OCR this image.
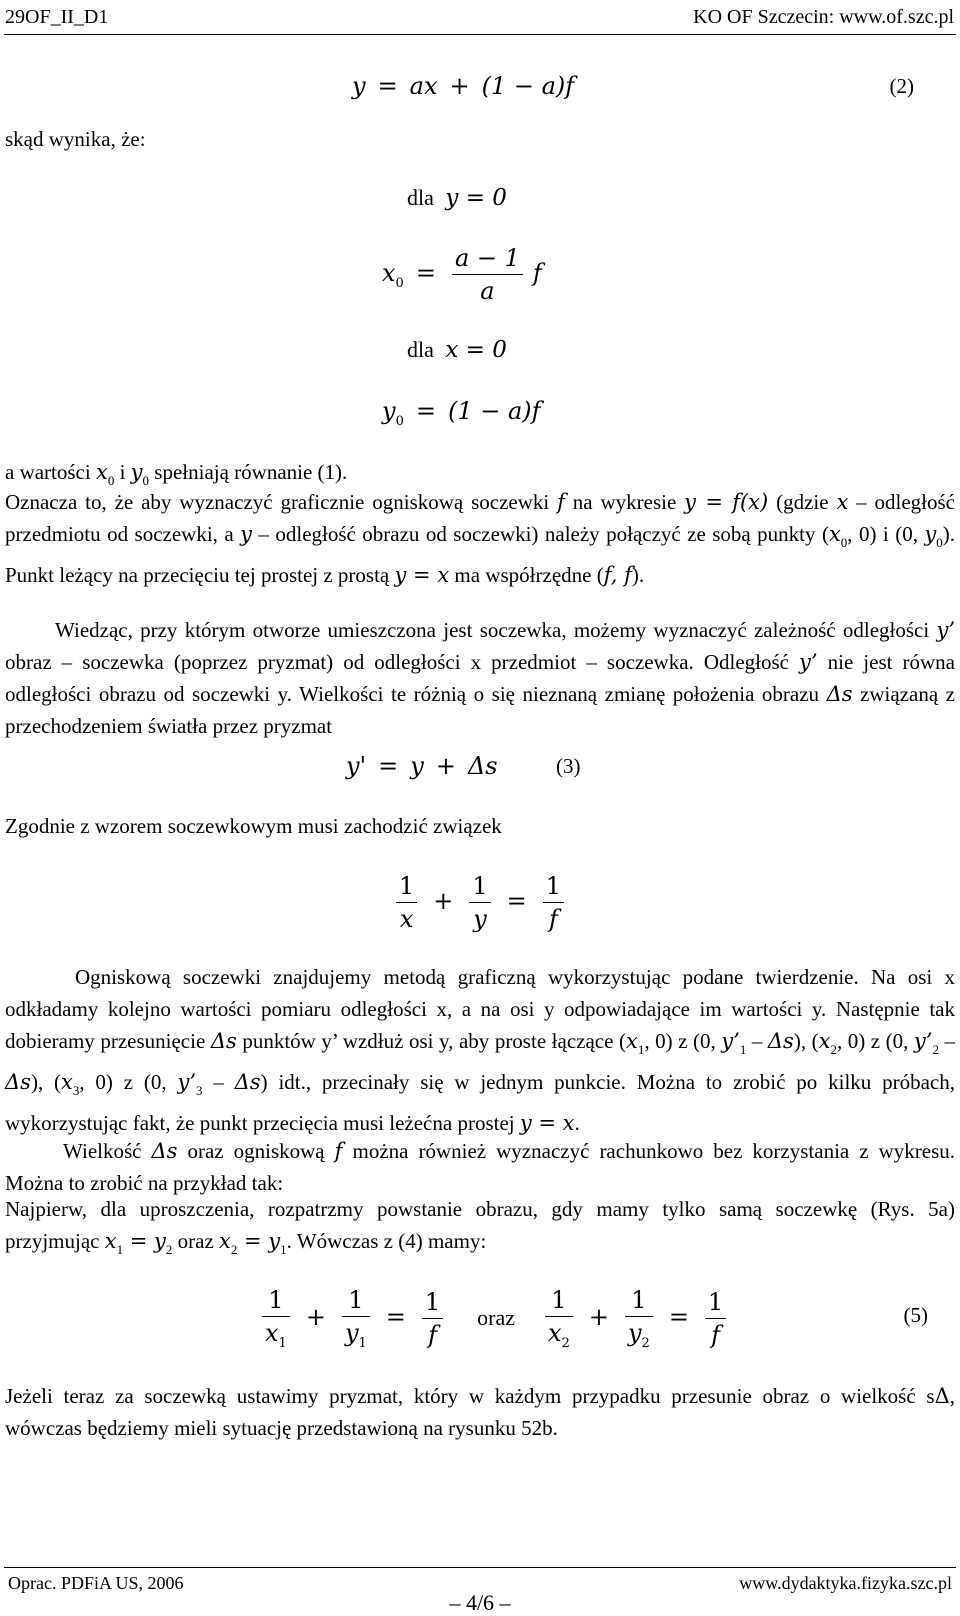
29OF_II_D1	KO OF Szczecin: www.of.szc.pl
y = ax + (1 − a)f	(2)
skąd wynika, że:
dla y = 0
$x_0 = \frac{a - 1}{a}$ f
dla x = 0
$y_0 = (1 - a)f$
a wartości $x_0$ i $y_0$ spełniają równanie (1).
Oznacza to, że aby wyznaczyć graficznie ogniskową soczewki f na wykresie y = f(x) (gdzie x – odległość przedmiotu od soczewki, a y – odległość obrazu od soczewki) należy połączyć ze sobą punkty ($x_0$, 0) i (0, $y_0$). Punkt leżący na przecięciu tej prostej z prostą y = x ma współrzędne (f, f).
Wiedząc, przy którym otworze umieszczona jest soczewka, możemy wyznaczyć zależność odległości y’ obraz – soczewka (poprzez pryzmat) od odległości x przedmiot – soczewka. Odległość y’ nie jest równa odległości obrazu od soczewki y. Wielkości te różnią o się nieznaną zmianę położenia obrazu Δs związaną z przechodzeniem światła przez pryzmat
y' = y + Δs	(3)
Zgodnie z wzorem soczewkowym musi zachodzić związek
$\frac{1}{x} + \frac{1}{y} = \frac{1}{f}$
Ogniskową soczewki znajdujemy metodą graficzną wykorzystując podane twierdzenie. Na osi x odkładamy kolejno wartości pomiaru odległości x, a na osi y odpowiadające im wartości y. Następnie tak dobieramy przesunięcie Δs punktów y’ wzdłuż osi y, aby proste łączące ($x_1$, 0) z (0, $y’_1 - \Delta s$), ($x_2$, 0) z (0, $y’_2 - \Delta s$), ($x_3$, 0) z (0, $y’_3 - \Delta s$) idt., przecinały się w jednym punkcie. Można to zrobić po kilku próbach, wykorzystując fakt, że punkt przecięcia musi leżećna prostej y = x.
Wielkość Δs oraz ogniskową f można również wyznaczyć rachunkowo bez korzystania z wykresu. Można to zrobić na przykład tak:
Najpierw, dla uproszczenia, rozpatrzmy powstanie obrazu, gdy mamy tylko samą soczewkę (Rys. 5a) przyjmując $x_1 = y_2$ oraz $x_2 = y_1$. Wówczas z (4) mamy:
$\frac{1}{x_1} + \frac{1}{y_1} = \frac{1}{f}$ oraz $\frac{1}{x_2} + \frac{1}{y_2} = \frac{1}{f}$	(5)
Jeżeli teraz za soczewką ustawimy pryzmat, który w każdym przypadku przesunie obraz o wielkość sΔ, wówczas będziemy mieli sytuację przedstawioną na rysunku 52b.
Oprac. PDFiA US, 2006	www.dydaktyka.fizyka.szc.pl
– 4/6 –
